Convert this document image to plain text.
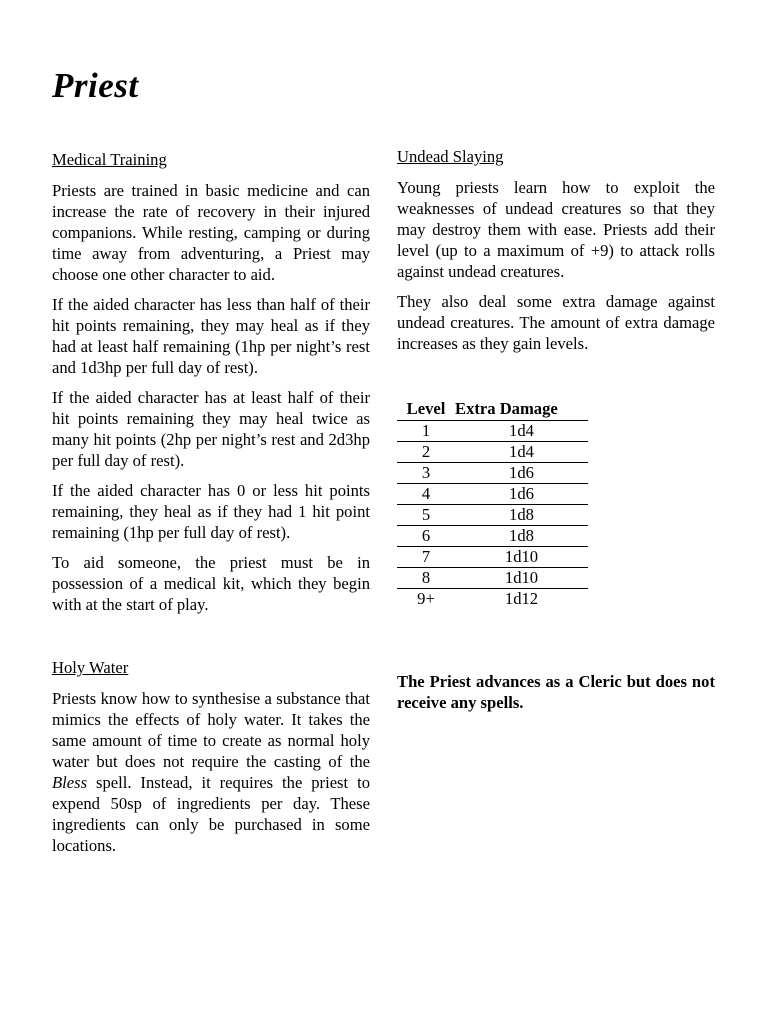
Priest
Medical Training

Priests are trained in basic medicine and can increase the rate of recovery in their injured companions. While resting, camping or during time away from adventuring, a Priest may choose one other character to aid.

If the aided character has less than half of their hit points remaining, they may heal as if they had at least half remaining (1hp per night’s rest and 1d3hp per full day of rest).

If the aided character has at least half of their hit points remaining they may heal twice as many hit points (2hp per night’s rest and 2d3hp per full day of rest).

If the aided character has 0 or less hit points remaining, they heal as if they had 1 hit point remaining (1hp per full day of rest).

To aid someone, the priest must be in possession of a medical kit, which they begin with at the start of play.

Holy Water

Priests know how to synthesise a substance that mimics the effects of holy water. It takes the same amount of time to create as normal holy water but does not require the casting of the Bless spell. Instead, it requires the priest to expend 50sp of ingredients per day. These ingredients can only be purchased in some locations.

Undead Slaying

Young priests learn how to exploit the weaknesses of undead creatures so that they may destroy them with ease. Priests add their level (up to a maximum of +9) to attack rolls against undead creatures.

They also deal some extra damage against undead creatures. The amount of extra damage increases as they gain levels.

Level	Extra Damage
1	1d4
2	1d4
3	1d6
4	1d6
5	1d8
6	1d8
7	1d10
8	1d10
9+	1d12

The Priest advances as a Cleric but does not receive any spells.
